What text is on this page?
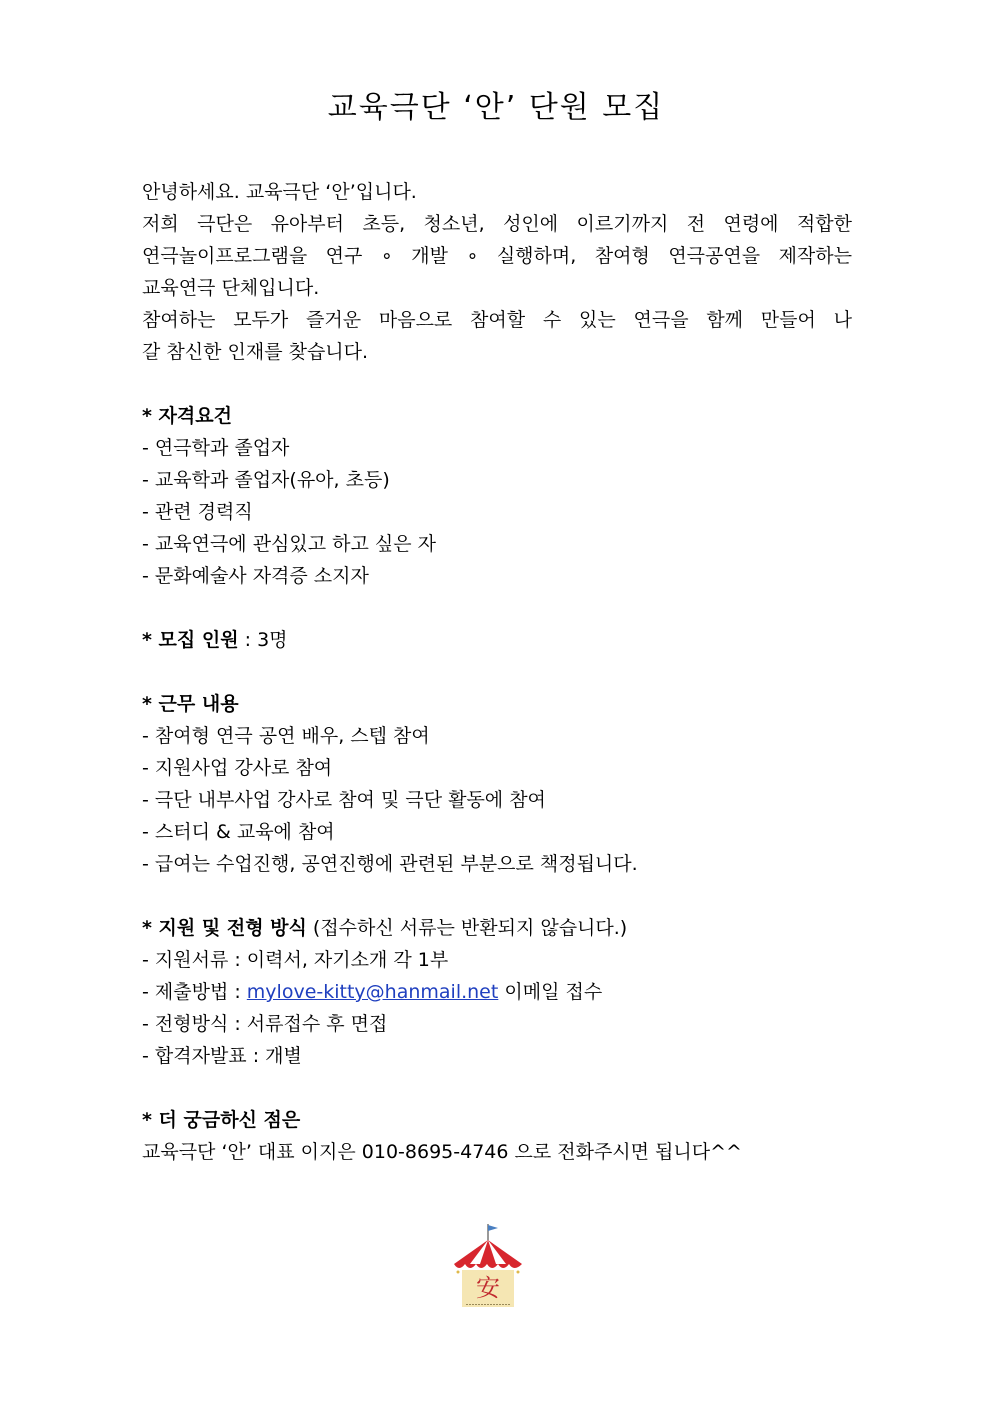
교육극단 ‘안’ 단원 모집
안녕하세요. 교육극단 ‘안’입니다.
저희 극단은 유아부터 초등, 청소년, 성인에 이르기까지 전 연령에 적합한
연극놀이프로그램을 연구 ∘ 개발 ∘ 실행하며, 참여형 연극공연을 제작하는
교육연극 단체입니다.
참여하는 모두가 즐거운 마음으로 참여할 수 있는 연극을 함께 만들어 나
갈 참신한 인재를 찾습니다.
* 자격요건
- 연극학과 졸업자
- 교육학과 졸업자(유아, 초등)
- 관련 경력직
- 교육연극에 관심있고 하고 싶은 자
- 문화예술사 자격증 소지자
* 모집 인원 : 3명
* 근무 내용
- 참여형 연극 공연 배우, 스텝 참여
- 지원사업 강사로 참여
- 극단 내부사업 강사로 참여 및 극단 활동에 참여
- 스터디 & 교육에 참여
- 급여는 수업진행, 공연진행에 관련된 부분으로 책정됩니다.
* 지원 및 전형 방식 (접수하신 서류는 반환되지 않습니다.)
- 지원서류 : 이력서, 자기소개 각 1부
- 제출방법 : mylove-kitty@hanmail.net 이메일 접수
- 전형방식 : 서류접수 후 면접
- 합격자발표 : 개별
* 더 궁금하신 점은
교육극단 ‘안’ 대표 이지은 010-8695-4746 으로 전화주시면 됩니다^^
安
